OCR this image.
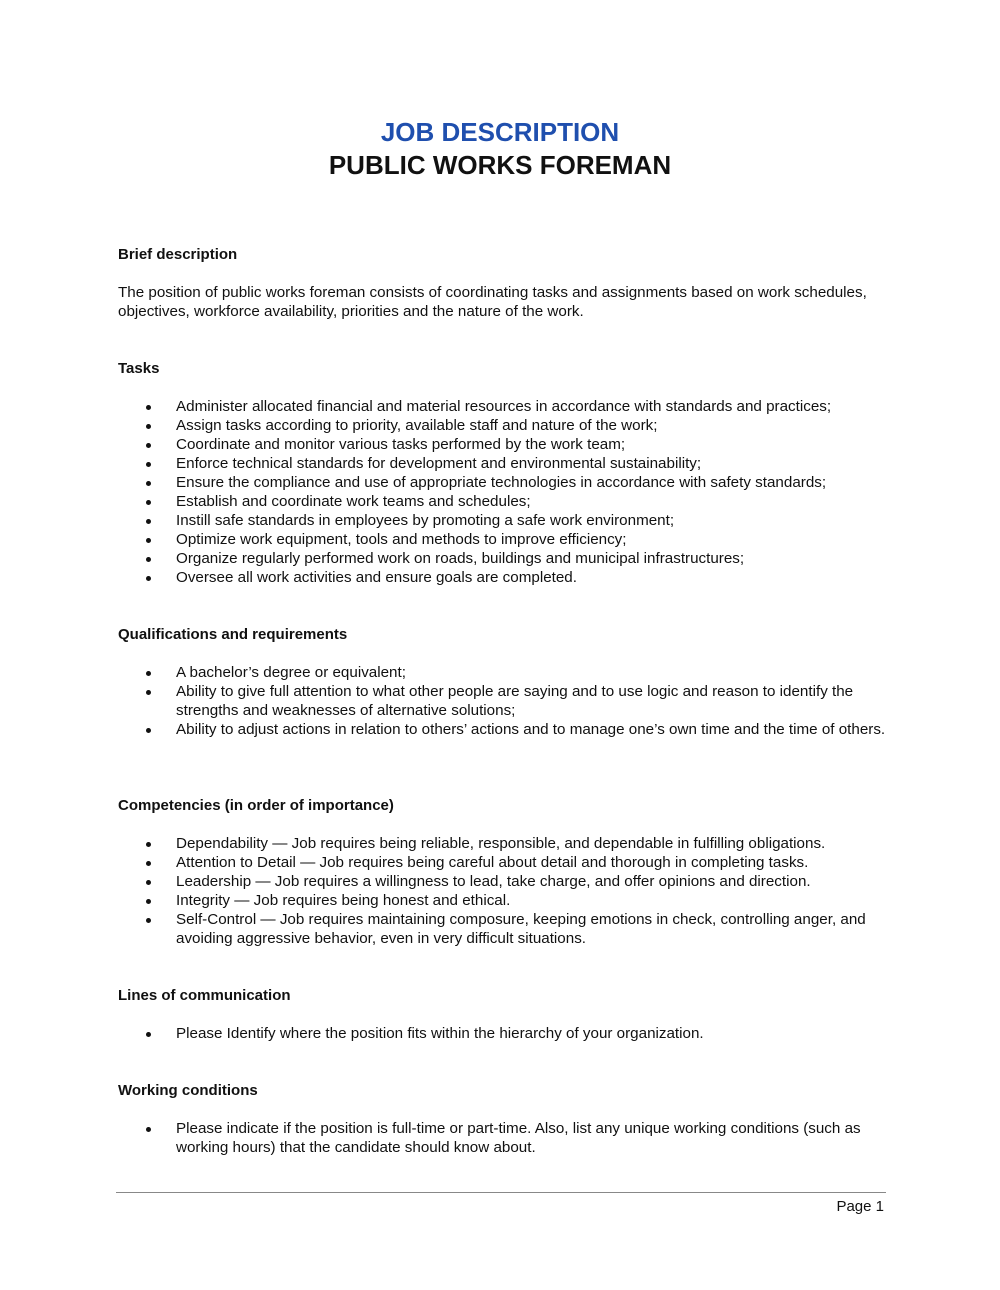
JOB DESCRIPTION
PUBLIC WORKS FOREMAN
Brief description
The position of public works foreman consists of coordinating tasks and assignments based on work schedules, objectives, workforce availability, priorities and the nature of the work.
Tasks
Administer allocated financial and material resources in accordance with standards and practices;
Assign tasks according to priority, available staff and nature of the work;
Coordinate and monitor various tasks performed by the work team;
Enforce technical standards for development and environmental sustainability;
Ensure the compliance and use of appropriate technologies in accordance with safety standards;
Establish and coordinate work teams and schedules;
Instill safe standards in employees by promoting a safe work environment;
Optimize work equipment, tools and methods to improve efficiency;
Organize regularly performed work on roads, buildings and municipal infrastructures;
Oversee all work activities and ensure goals are completed.
Qualifications and requirements
A bachelor’s degree or equivalent;
Ability to give full attention to what other people are saying and to use logic and reason to identify the strengths and weaknesses of alternative solutions;
Ability to adjust actions in relation to others’ actions and to manage one’s own time and the time of others.
Competencies (in order of importance)
Dependability — Job requires being reliable, responsible, and dependable in fulfilling obligations.
Attention to Detail — Job requires being careful about detail and thorough in completing tasks.
Leadership — Job requires a willingness to lead, take charge, and offer opinions and direction.
Integrity — Job requires being honest and ethical.
Self-Control — Job requires maintaining composure, keeping emotions in check, controlling anger, and avoiding aggressive behavior, even in very difficult situations.
Lines of communication
Please Identify where the position fits within the hierarchy of your organization.
Working conditions
Please indicate if the position is full-time or part-time. Also, list any unique working conditions (such as working hours) that the candidate should know about.
Page 1
